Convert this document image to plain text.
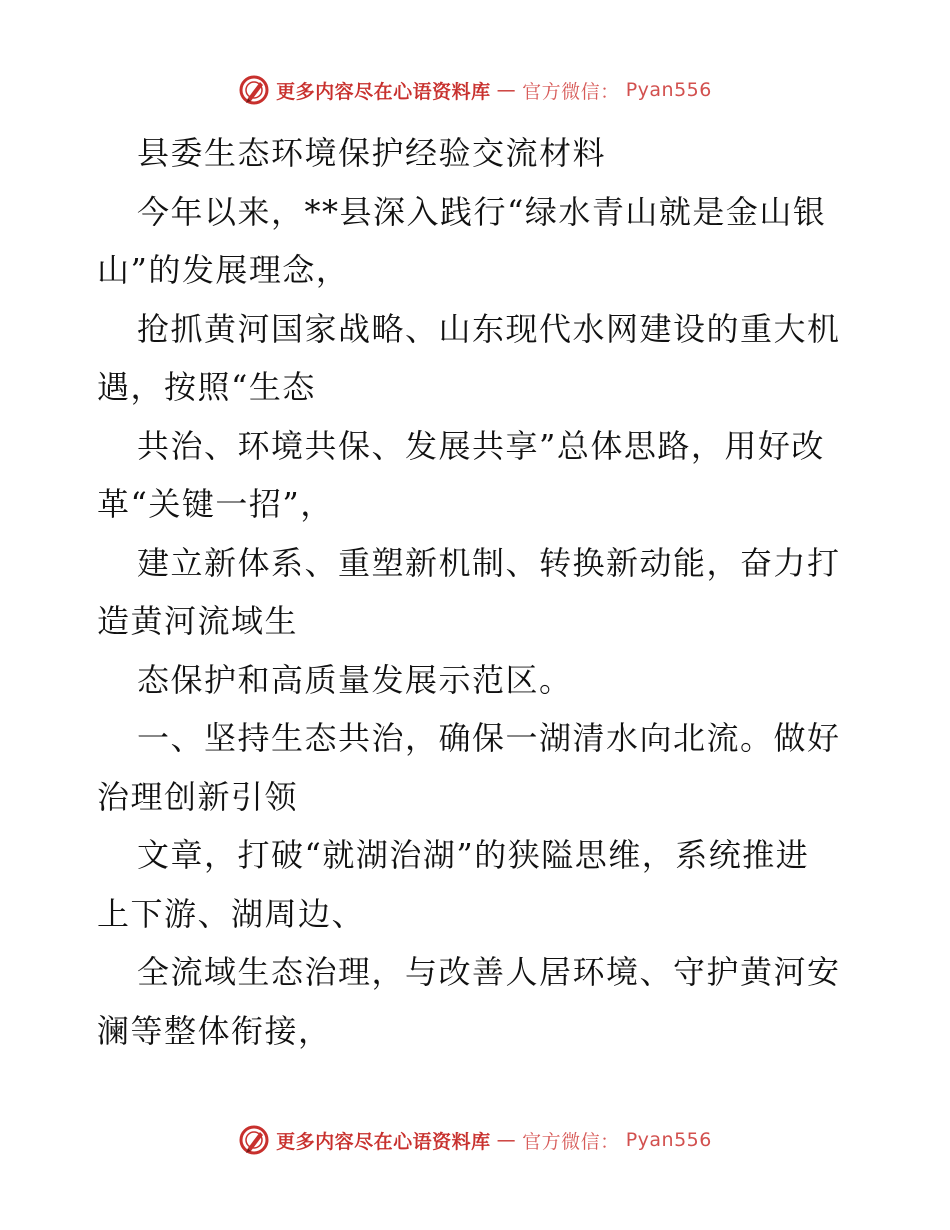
更多内容尽在心语资料库 — 官方微信： Pyan556
县委生态环境保护经验交流材料
今年以来，**县深入践行“绿水青山就是金山银
山”的发展理念，
抢抓黄河国家战略、山东现代水网建设的重大机
遇，按照“生态
共治、环境共保、发展共享”总体思路，用好改
革“关键一招”，
建立新体系、重塑新机制、转换新动能，奋力打
造黄河流域生
态保护和高质量发展示范区。
一、坚持生态共治，确保一湖清水向北流。做好
治理创新引领
文章，打破“就湖治湖”的狭隘思维，系统推进
上下游、湖周边、
全流域生态治理，与改善人居环境、守护黄河安
澜等整体衔接，
更多内容尽在心语资料库 — 官方微信： Pyan556
